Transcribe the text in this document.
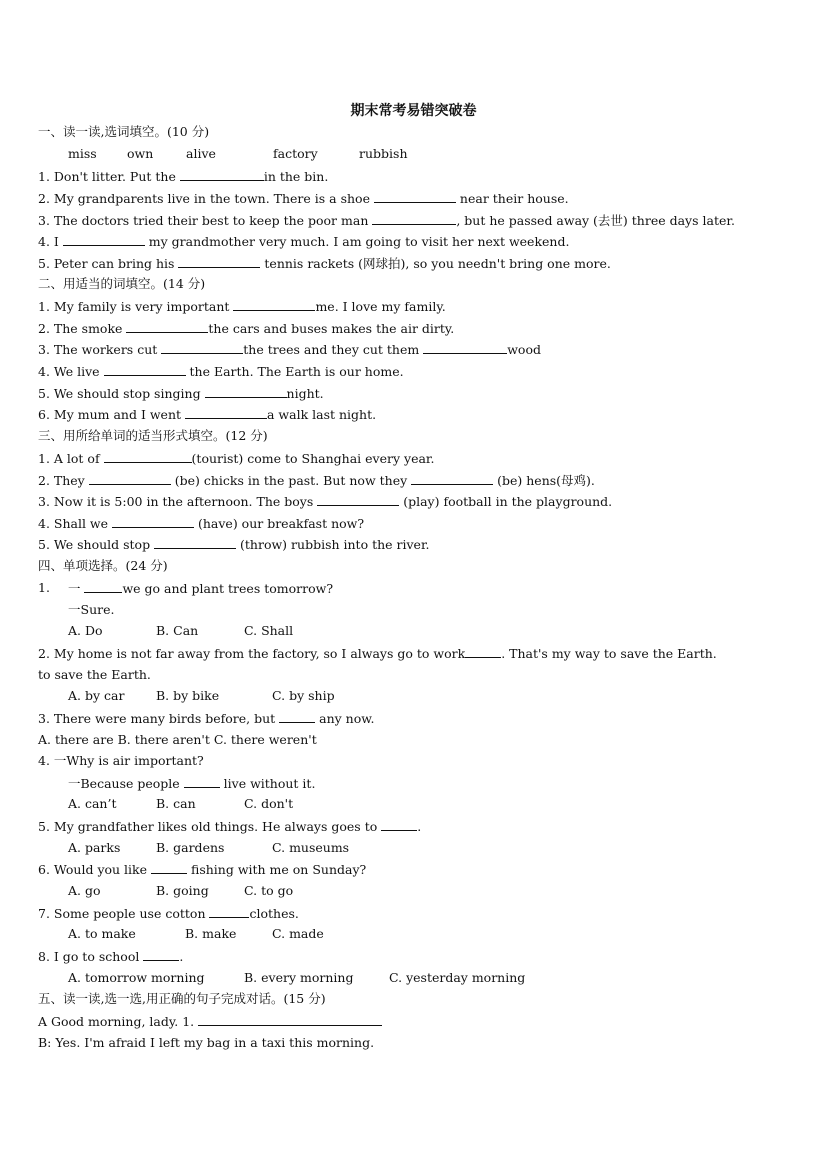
期末常考易错突破卷
一、读一读,选词填空。(10 分)
miss own	alive	factory	rubbish
1. Don't litter. Put the	in the bin.
2. My grandparents live in the town. There is a shoe	near their house.
3. The doctors tried their best to keep the poor man	, but he passed away (去世) three days later.
4. I	my grandmother very much. I am going to visit her next weekend.
5. Peter can bring his	tennis rackets (网球拍), so you needn't bring one more.
二、用适当的词填空。(14 分)
1. My family is very important	me. I love my family.
2. The smoke	the cars and buses makes the air dirty.
3. The workers cut	the trees and they cut them	wood
4. We live	the Earth. The Earth is our home.
5. We should stop singing	night.
6. My mum and I went	a walk last night.
三、用所给单词的适当形式填空。(12 分)
1. A lot of	(tourist) come to Shanghai every year.
2. They	(be) chicks in the past. But now they	(be) hens(母鸡).
3. Now it is 5:00 in the afternoon. The boys	(play) football in the playground.
4. Shall we	(have) our breakfast now?
5. We should stop	(throw) rubbish into the river.
四、单项选择。(24 分)
1. 一	we go and plant trees tomorrow?
一Sure.
A. Do	B. Can	C. Shall
2. My home is not far away from the factory, so I always go to work	. That's my way to save the Earth.
to save the Earth.
A. by car	B. by bike	C. by ship
3. There were many birds before, but	any now.
A. there are B. there aren't C. there weren't
4. 一Why is air important?
一Because people	live without it.
A. can’t	B. can	C. don't
5. My grandfather likes old things. He always goes to	.
A. parks	B. gardens	C. museums
6. Would you like	fishing with me on Sunday?
A. go	B. going	C. to go
7. Some people use cotton	clothes.
A. to make	B. make	C. made
8. I go to school	.
A. tomorrow morning	B. every morning	C. yesterday morning
五、读一读,选一选,用正确的句子完成对话。(15 分)
A Good morning, lady. 1.
B: Yes. I'm afraid I left my bag in a taxi this morning.
